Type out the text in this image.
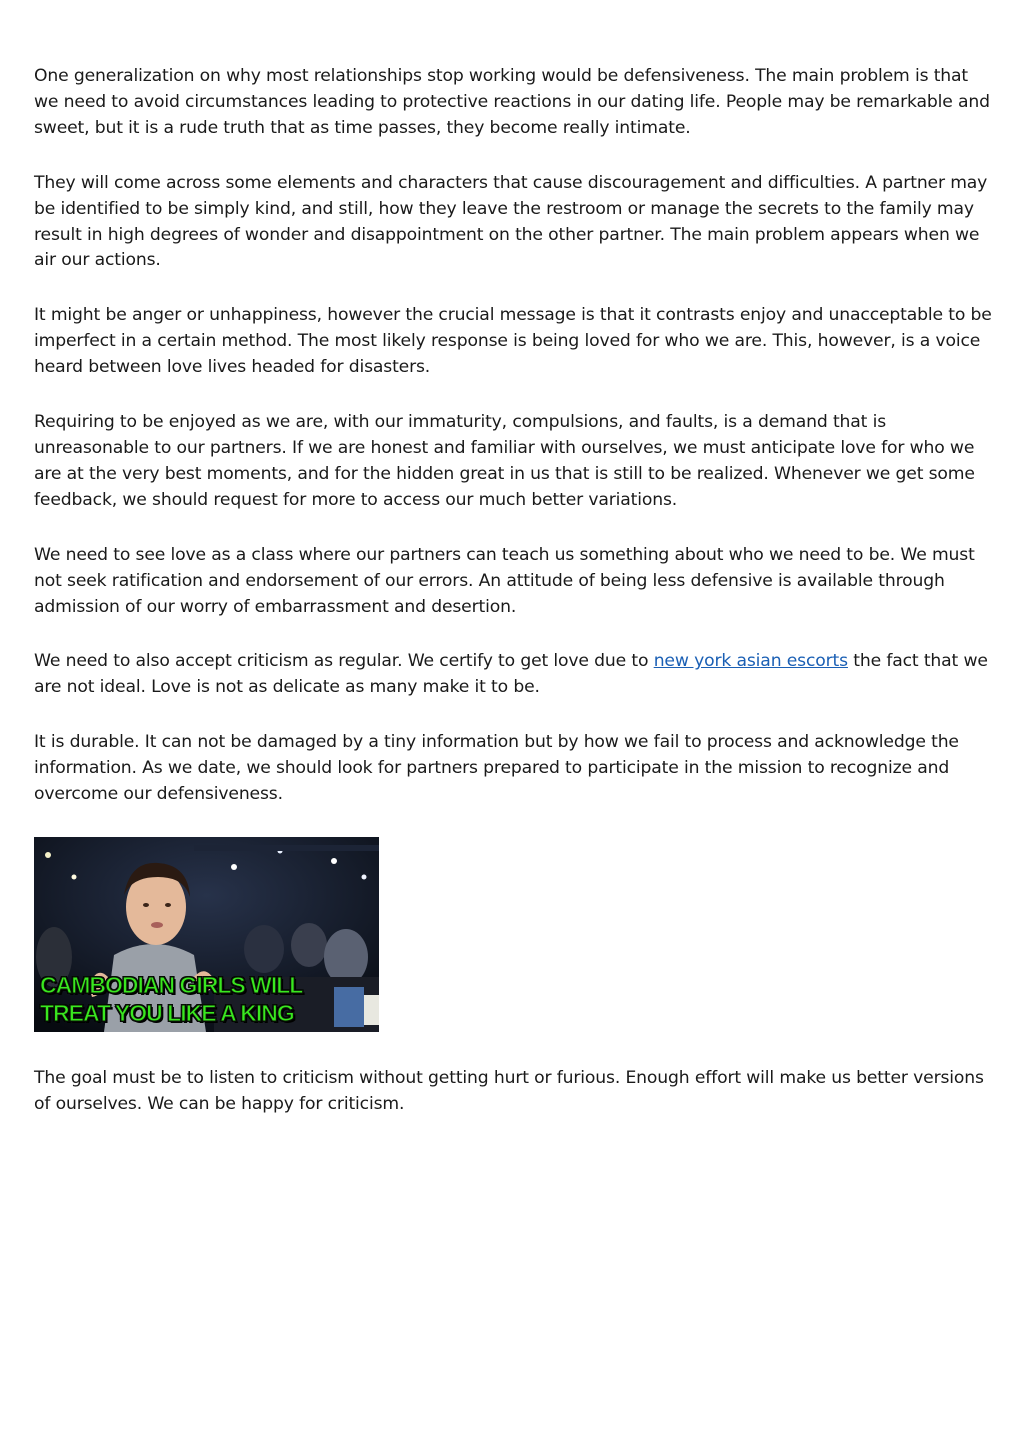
One generalization on why most relationships stop working would be defensiveness. The main problem is that we need to avoid circumstances leading to protective reactions in our dating life. People may be remarkable and sweet, but it is a rude truth that as time passes, they become really intimate.

They will come across some elements and characters that cause discouragement and difficulties. A partner may be identified to be simply kind, and still, how they leave the restroom or manage the secrets to the family may result in high degrees of wonder and disappointment on the other partner. The main problem appears when we air our actions.

It might be anger or unhappiness, however the crucial message is that it contrasts enjoy and unacceptable to be imperfect in a certain method. The most likely response is being loved for who we are. This, however, is a voice heard between love lives headed for disasters.

Requiring to be enjoyed as we are, with our immaturity, compulsions, and faults, is a demand that is unreasonable to our partners. If we are honest and familiar with ourselves, we must anticipate love for who we are at the very best moments, and for the hidden great in us that is still to be realized. Whenever we get some feedback, we should request for more to access our much better variations.

We need to see love as a class where our partners can teach us something about who we need to be. We must not seek ratification and endorsement of our errors. An attitude of being less defensive is available through admission of our worry of embarrassment and desertion.

We need to also accept criticism as regular. We certify to get love due to new york asian escorts the fact that we are not ideal. Love is not as delicate as many make it to be.

It is durable. It can not be damaged by a tiny information but by how we fail to process and acknowledge the information. As we date, we should look for partners prepared to participate in the mission to recognize and overcome our defensiveness.

CAMBODIAN GIRLS WILL
TREAT YOU LIKE A KING

The goal must be to listen to criticism without getting hurt or furious. Enough effort will make us better versions of ourselves. We can be happy for criticism.
